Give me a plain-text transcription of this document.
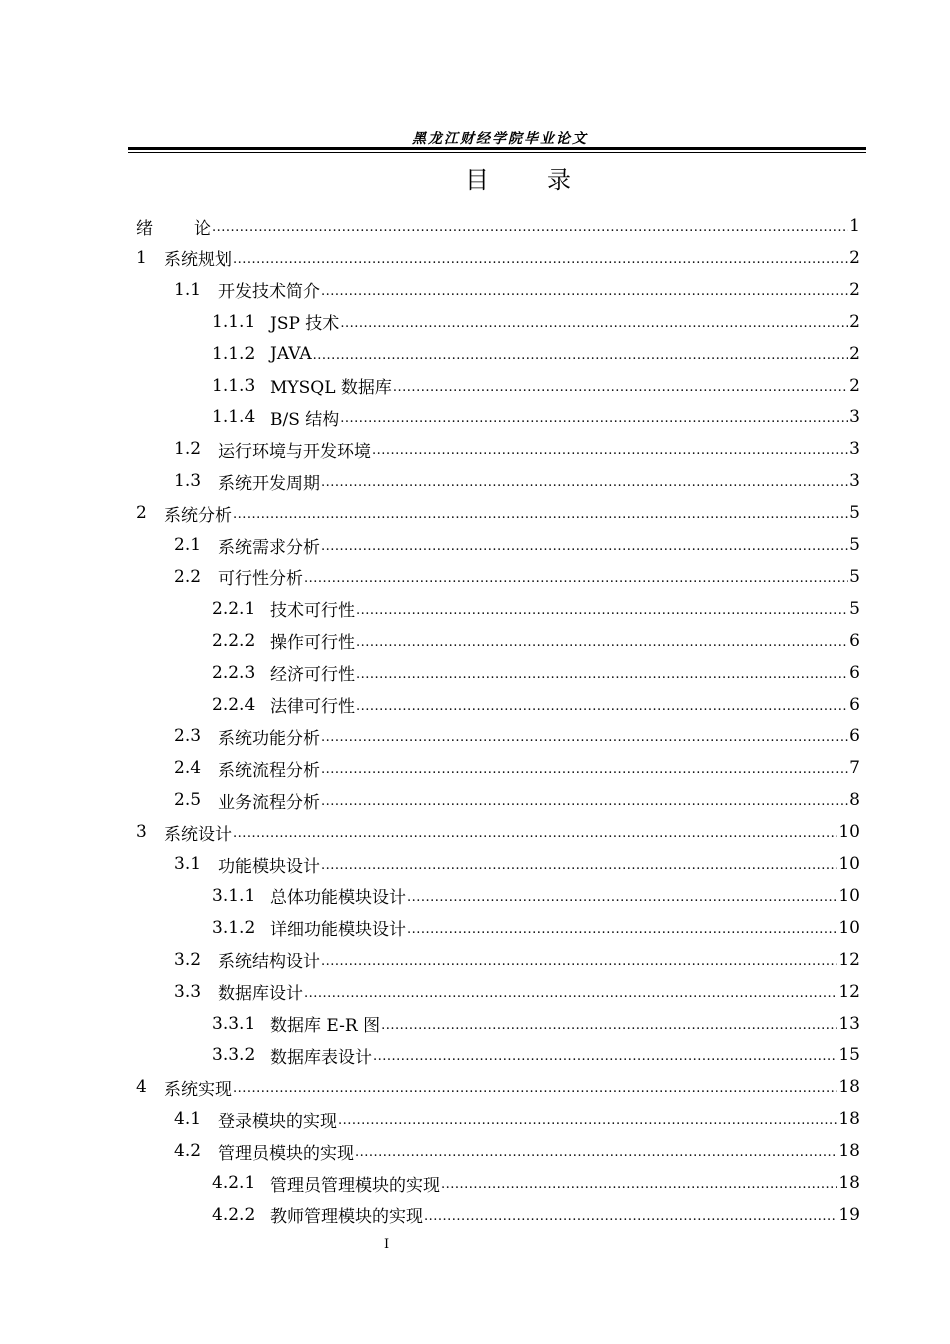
黑龙江财经学院毕业论文
目 录
绪	论 .....	1
1	系统规划 .....	2
1.1 开发技术简介 .....	2
1.1.1 JSP 技术 .....	2
1.1.2 JAVA .....	2
1.1.3 MYSQL 数据库 .....	2
1.1.4 B/S 结构 .....	3
1.2 运行环境与开发环境 .....	3
1.3 系统开发周期 .....	3
2	系统分析 .....	5
2.1 系统需求分析 .....	5
2.2 可行性分析 .....	5
2.2.1 技术可行性 .....	5
2.2.2 操作可行性 .....	6
2.2.3 经济可行性 .....	6
2.2.4 法律可行性 .....	6
2.3 系统功能分析 .....	6
2.4 系统流程分析 .....	7
2.5 业务流程分析 .....	8
3	系统设计 .....	10
3.1 功能模块设计 .....	10
3.1.1 总体功能模块设计 .....	10
3.1.2 详细功能模块设计 .....	10
3.2 系统结构设计 .....	12
3.3 数据库设计 .....	12
3.3.1 数据库 E-R 图 .....	13
3.3.2 数据库表设计 .....	15
4	系统实现 .....	18
4.1 登录模块的实现 .....	18
4.2 管理员模块的实现 .....	18
4.2.1 管理员管理模块的实现 .....	18
4.2.2 教师管理模块的实现 .....	19
I
